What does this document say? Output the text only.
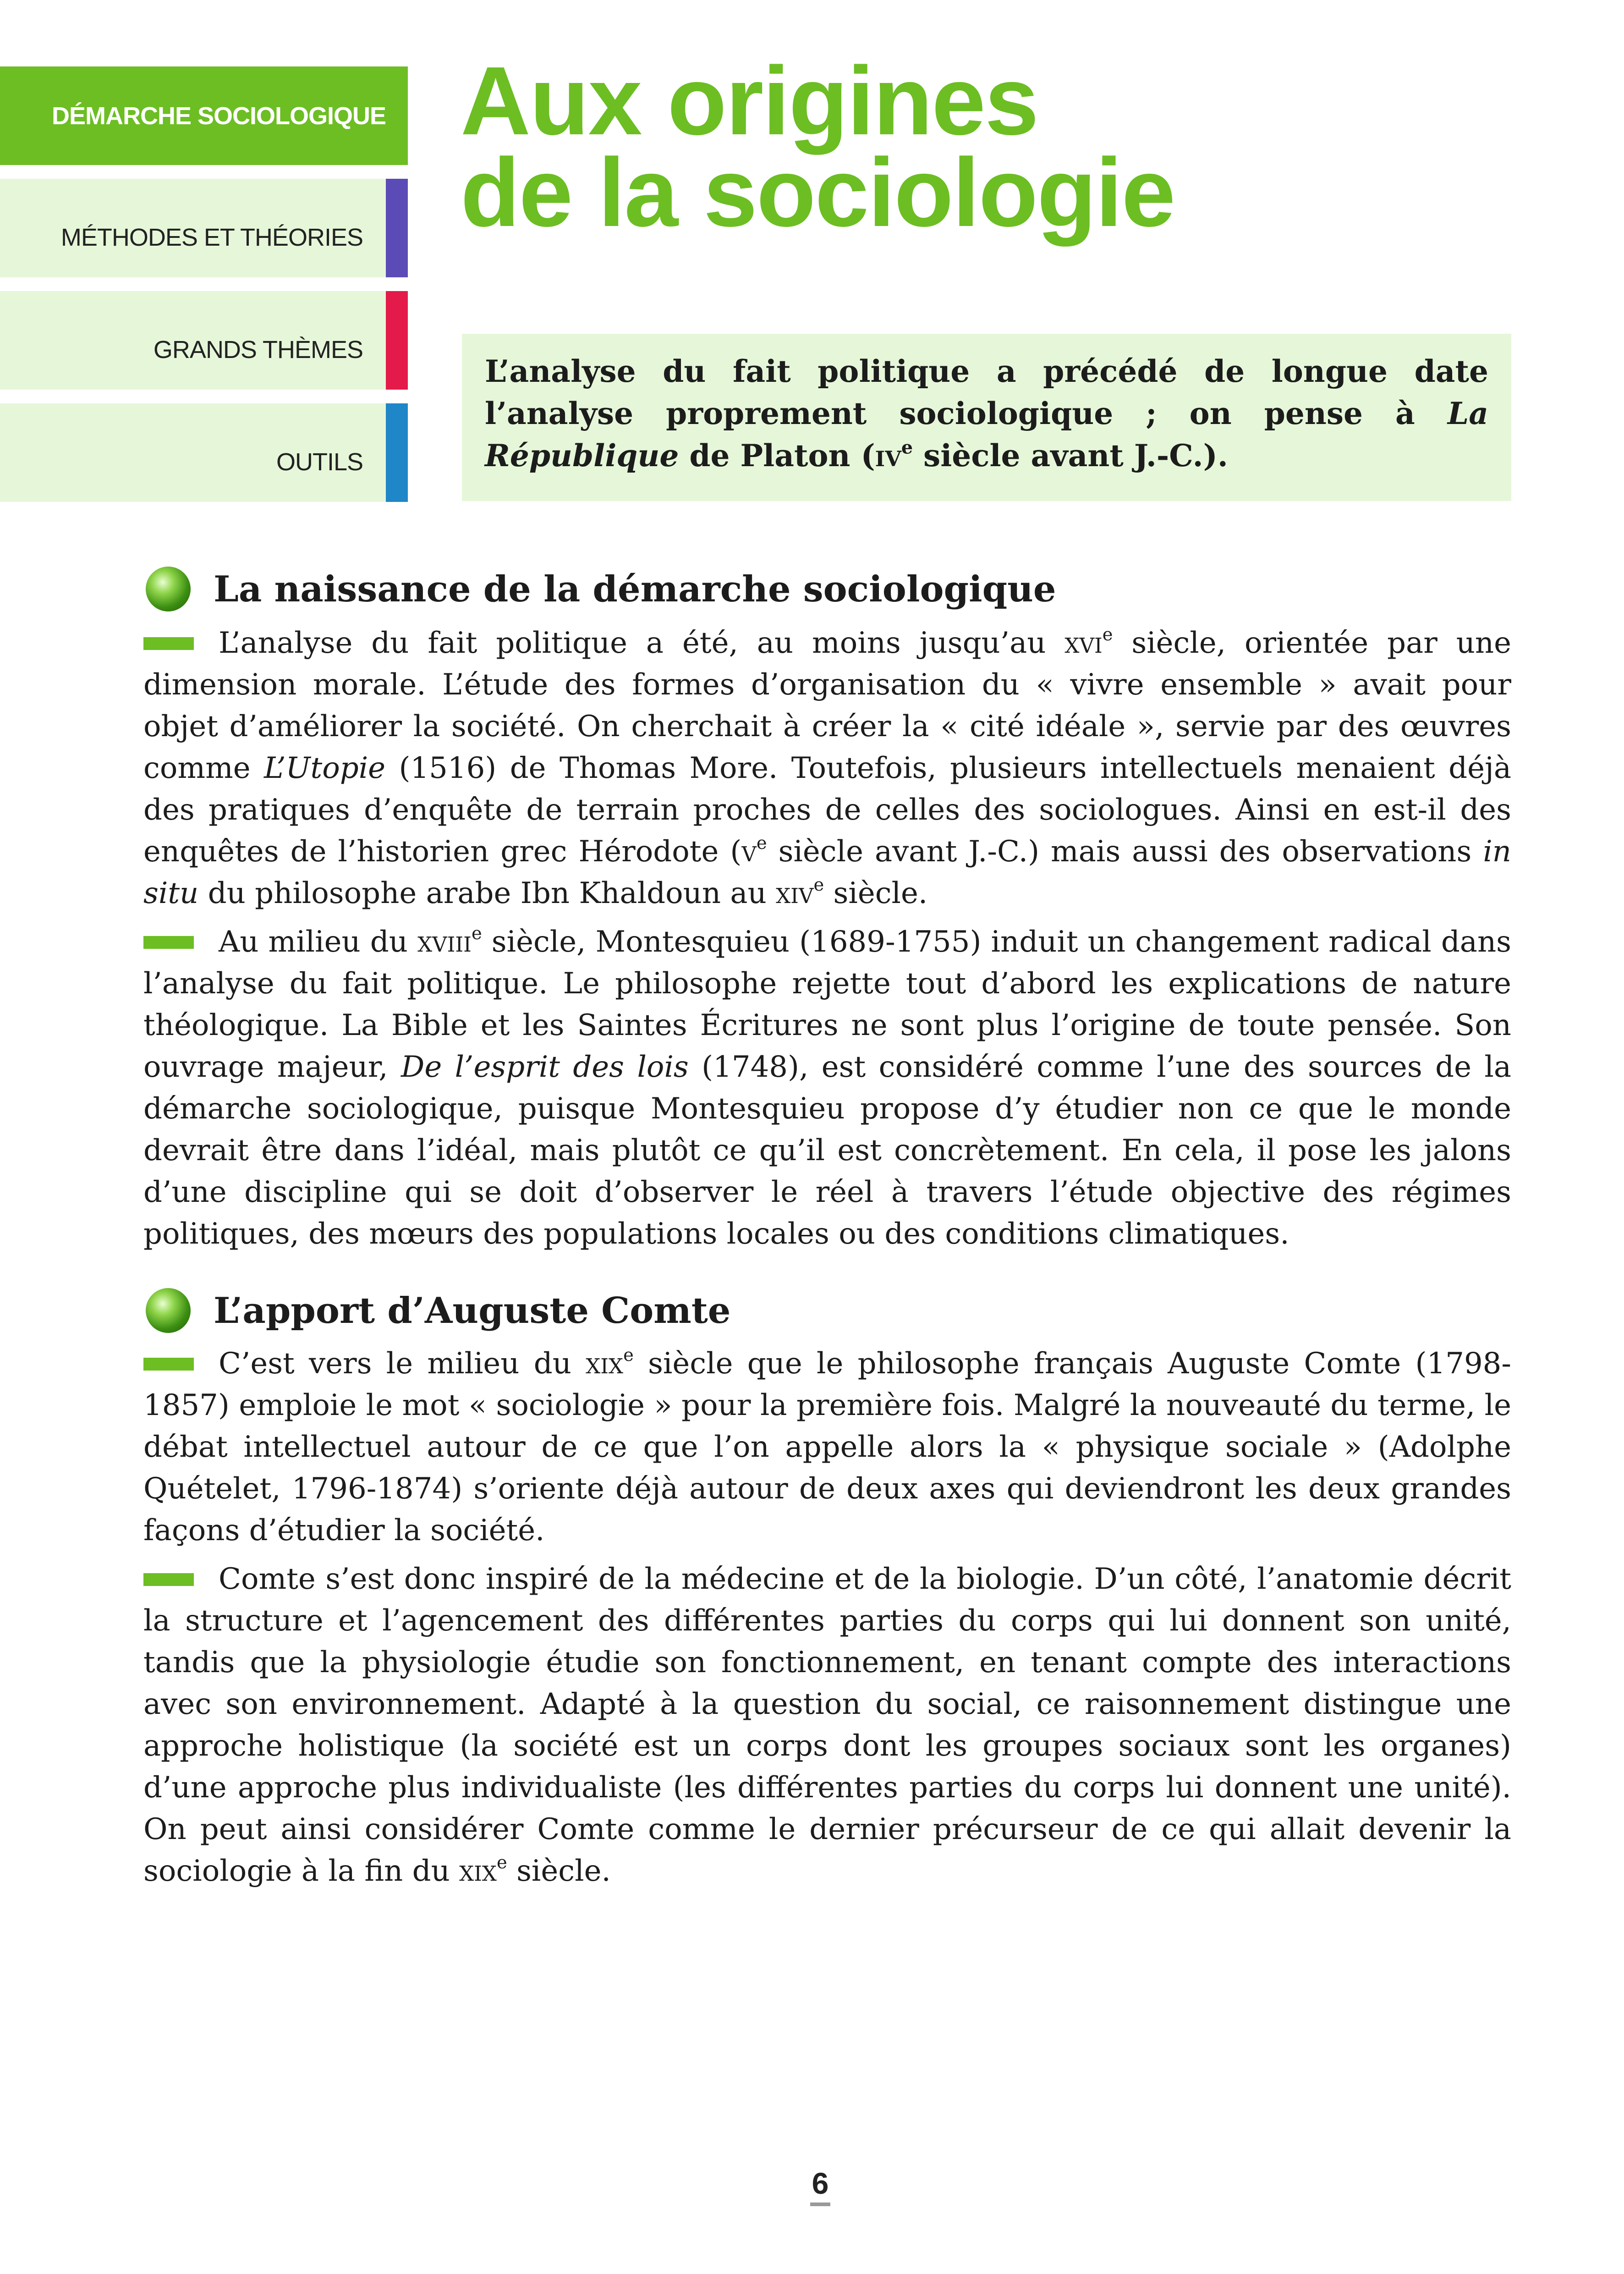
DÉMARCHE SOCIOLOGIQUE
MÉTHODES ET THÉORIES
GRANDS THÈMES
OUTILS
Aux origines
de la sociologie
L’analyse du fait politique a précédé de longue date l’analyse proprement sociologique ; on pense à La République de Platon ($iv^e$ siècle avant J.-C.).
La naissance de la démarche sociologique
L’analyse du fait politique a été, au moins jusqu’au xvi$^e$ siècle, orientée par une dimension morale. L’étude des formes d’organisation du « vivre ensemble » avait pour objet d’améliorer la société. On cherchait à créer la « cité idéale », servie par des œuvres comme L’Utopie (1516) de Thomas More. Toutefois, plusieurs intellectuels menaient déjà des pratiques d’enquête de terrain proches de celles des sociologues. Ainsi en est-il des enquêtes de l’historien grec Hérodote ($v^e$ siècle avant J.-C.) mais aussi des observations in situ du philosophe arabe Ibn Khaldoun au xiv$^e$ siècle.
Au milieu du xviii$^e$ siècle, Montesquieu (1689-1755) induit un changement radical dans l’analyse du fait politique. Le philosophe rejette tout d’abord les explications de nature théologique. La Bible et les Saintes Écritures ne sont plus l’origine de toute pensée. Son ouvrage majeur, De l’esprit des lois (1748), est considéré comme l’une des sources de la démarche sociologique, puisque Montesquieu propose d’y étudier non ce que le monde devrait être dans l’idéal, mais plutôt ce qu’il est concrètement. En cela, il pose les jalons d’une discipline qui se doit d’observer le réel à travers l’étude objective des régimes politiques, des mœurs des populations locales ou des conditions climatiques.
L’apport d’Auguste Comte
C’est vers le milieu du xix$^e$ siècle que le philosophe français Auguste Comte (1798-1857) emploie le mot « sociologie » pour la première fois. Malgré la nouveauté du terme, le débat intellectuel autour de ce que l’on appelle alors la « physique sociale » (Adolphe Quételet, 1796-1874) s’oriente déjà autour de deux axes qui deviendront les deux grandes façons d’étudier la société.
Comte s’est donc inspiré de la médecine et de la biologie. D’un côté, l’anatomie décrit la structure et l’agencement des différentes parties du corps qui lui donnent son unité, tandis que la physiologie étudie son fonctionnement, en tenant compte des interactions avec son environnement. Adapté à la question du social, ce raisonnement distingue une approche holistique (la société est un corps dont les groupes sociaux sont les organes) d’une approche plus individualiste (les différentes parties du corps lui donnent une unité). On peut ainsi considérer Comte comme le dernier précurseur de ce qui allait devenir la sociologie à la fin du xix$^e$ siècle.
6
